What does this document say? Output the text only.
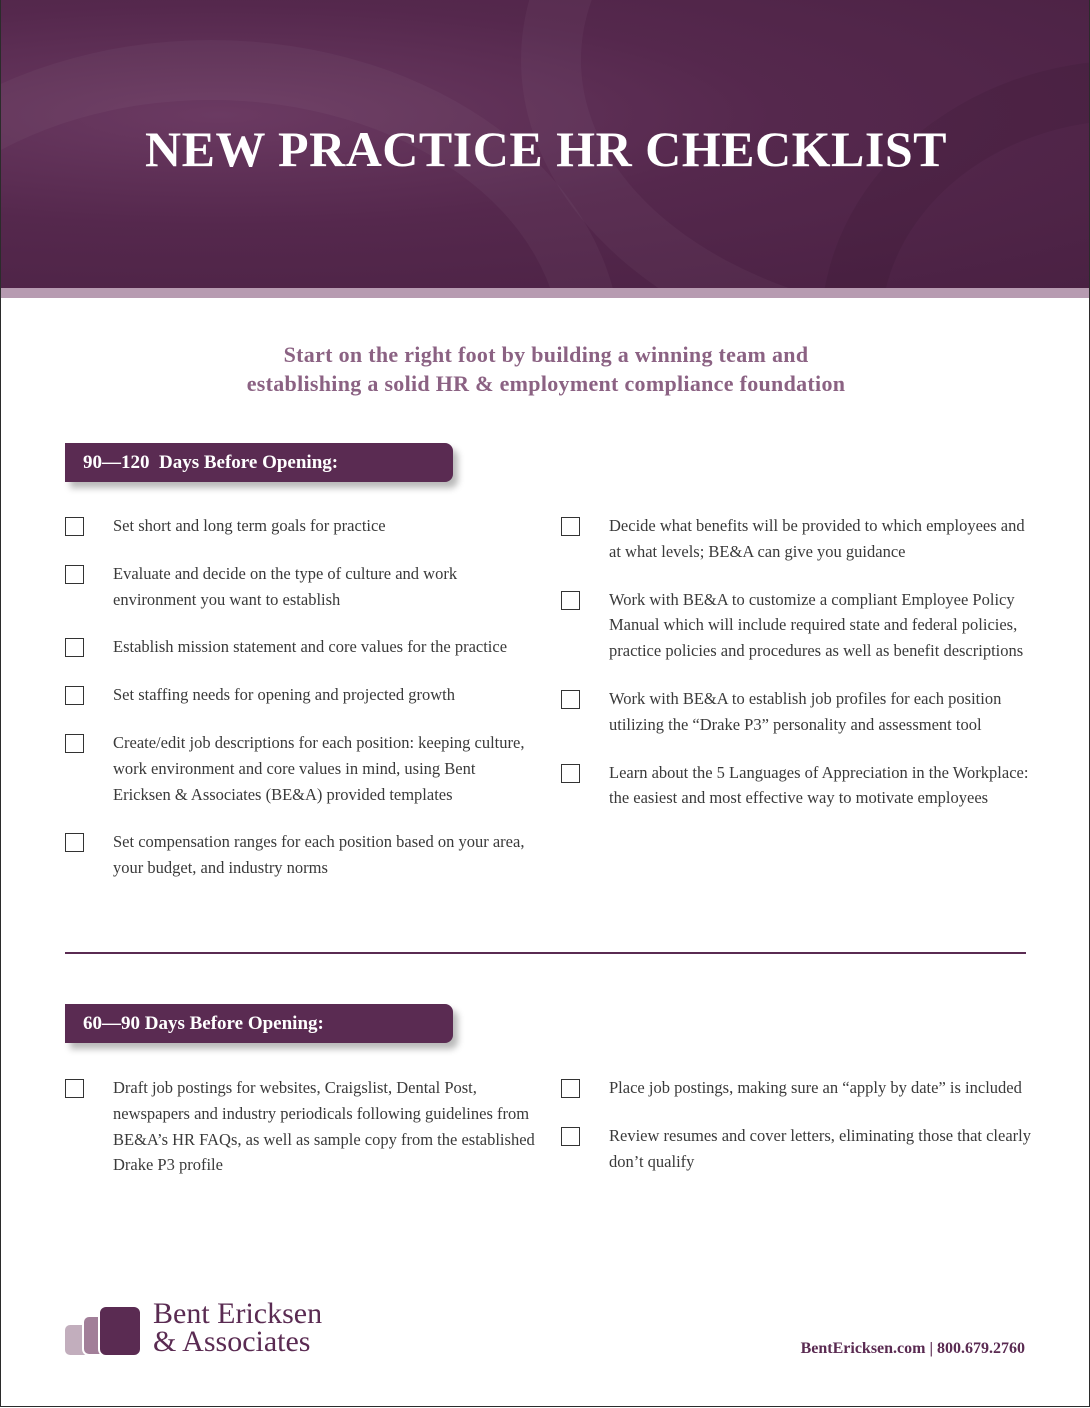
NEW PRACTICE HR CHECKLIST
Start on the right foot by building a winning team and
establishing a solid HR & employment compliance foundation
90—120  Days Before Opening:
Set short and long term goals for practice
Evaluate and decide on the type of culture and work environment you want to establish
Establish mission statement and core values for the practice
Set staffing needs for opening and projected growth
Create/edit job descriptions for each position: keeping culture, work environment and core values in mind, using Bent Ericksen & Associates (BE&A) provided templates
Set compensation ranges for each position based on your area, your budget, and industry norms
Decide what benefits will be provided to which employees and at what levels; BE&A can give you guidance
Work with BE&A to customize a compliant Employee Policy Manual which will include required state and federal policies, practice policies and procedures as well as benefit descriptions
Work with BE&A to establish job profiles for each position utilizing the “Drake P3” personality and assessment tool
Learn about the 5 Languages of Appreciation in the Workplace: the easiest and most effective way to motivate employees
60—90 Days Before Opening:
Draft job postings for websites, Craigslist, Dental Post, newspapers and industry periodicals following guidelines from BE&A’s HR FAQs, as well as sample copy from the established Drake P3 profile
Place job postings, making sure an “apply by date” is included
Review resumes and cover letters, eliminating those that clearly don’t qualify
Bent Ericksen
& Associates	BentEricksen.com | 800.679.2760
